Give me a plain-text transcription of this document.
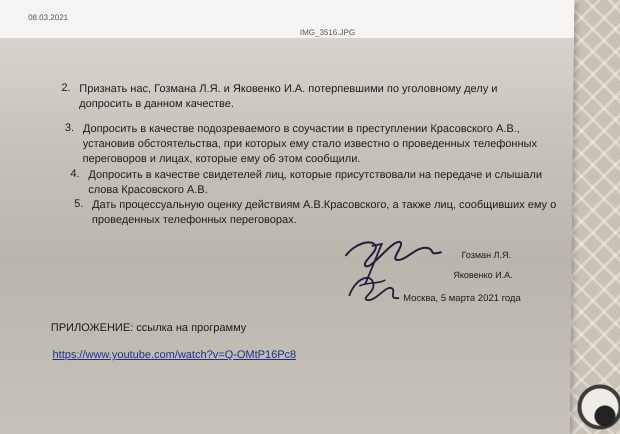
08.03.2021
IMG_3516.JPG
2. Признать нас, Гозмана Л.Я. и Яковенко И.А. потерпевшими по уголовному делу и
допросить в данном качестве.
3. Допросить в качестве подозреваемого в соучастии в преступлении Красовского А.В.,
установив обстоятельства, при которых ему стало известно о проведенных телефонных
переговоров и лицах, которые ему об этом сообщили.
4. Допросить в качестве свидетелей лиц, которые присутствовали на передаче и слышали
слова Красовского А.В.
5. Дать процессуальную оценку действиям А.В.Красовского, а также лиц, сообщивших ему о
проведенных телефонных переговорах.
Гозман Л.Я.
Яковенко И.А.
Москва, 5 марта 2021 года
ПРИЛОЖЕНИЕ: ссылка на программу
https://www.youtube.com/watch?v=Q-OMtP16Pc8
